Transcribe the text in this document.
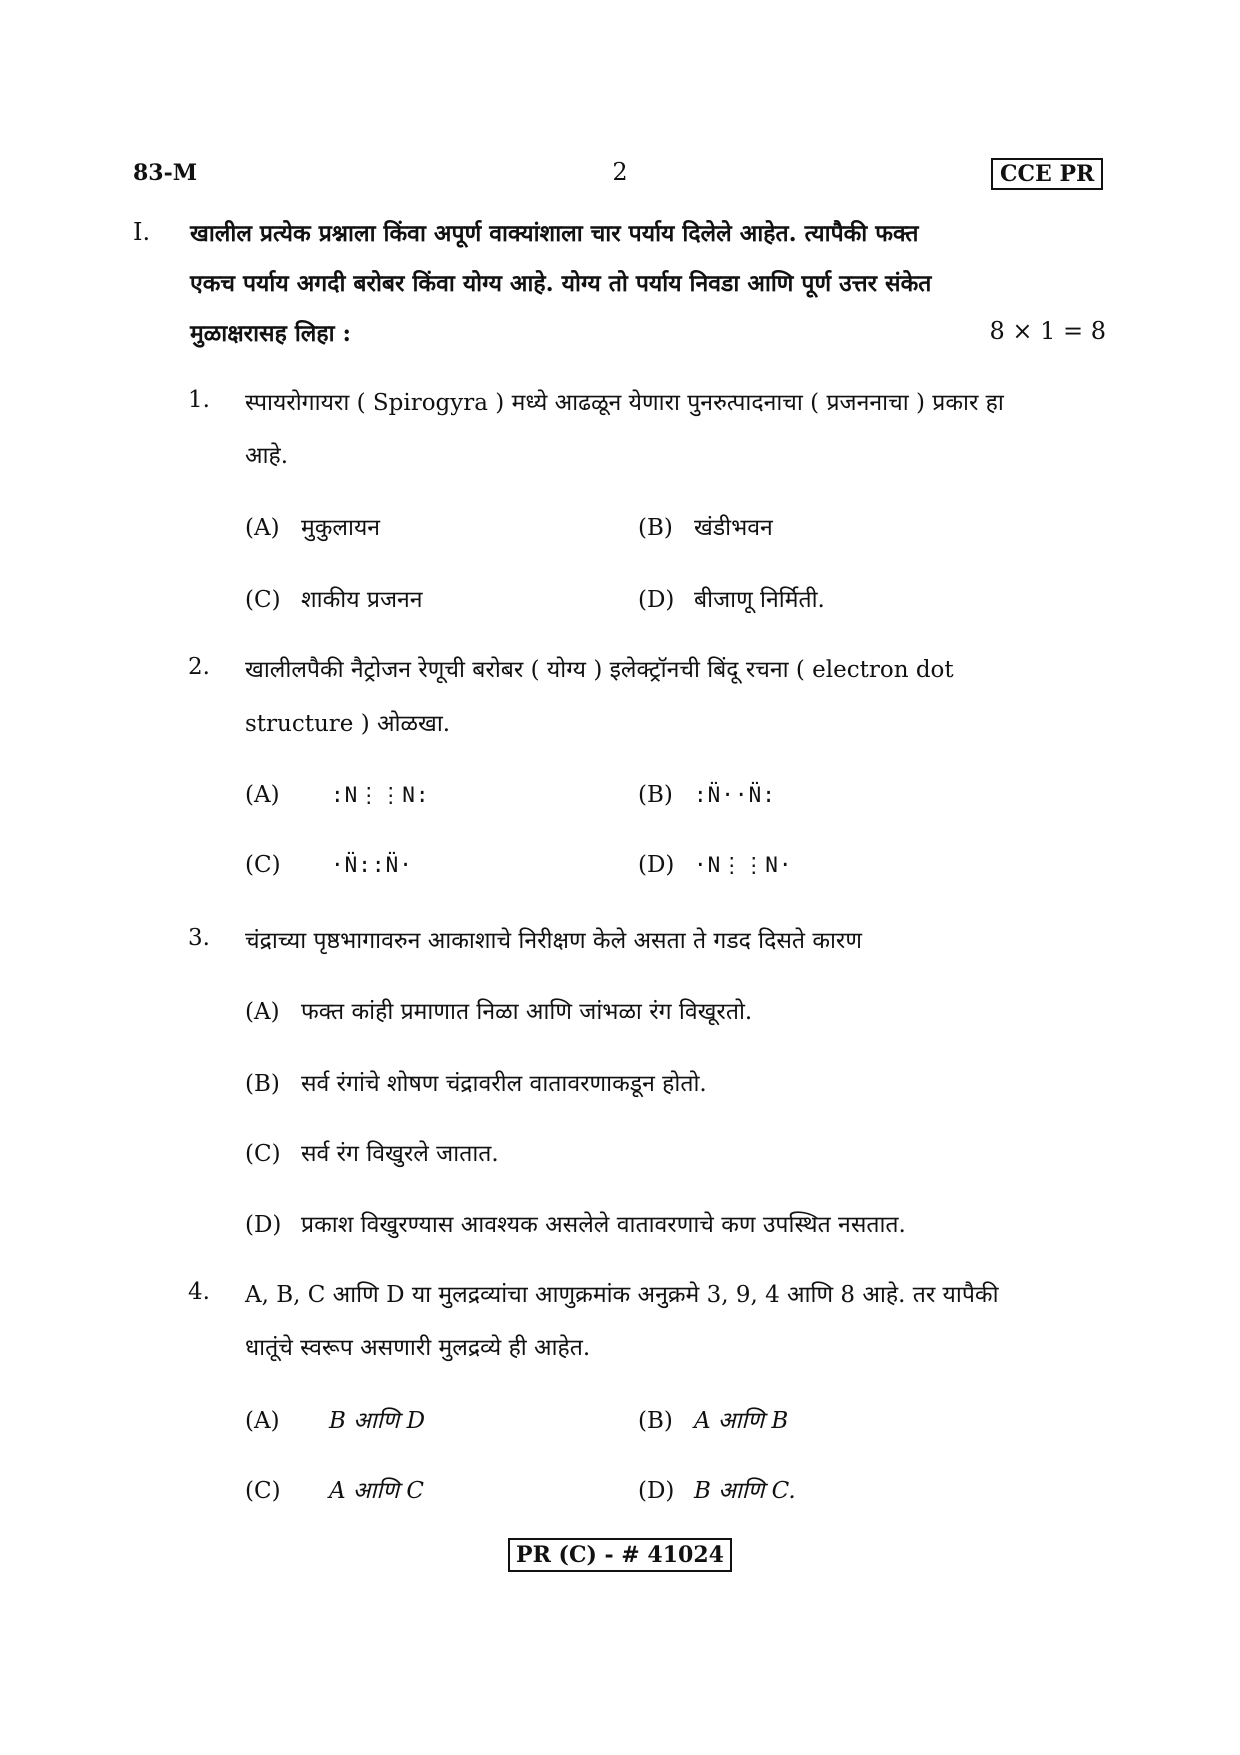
83-M	2	CCE PR
I. खालील प्रत्येक प्रश्नाला किंवा अपूर्ण वाक्यांशाला चार पर्याय दिलेले आहेत. त्यापैकी फक्त
एकच पर्याय अगदी बरोबर किंवा योग्य आहे. योग्य तो पर्याय निवडा आणि पूर्ण उत्तर संकेत
मुळाक्षरासह लिहा :	8 × 1 = 8
1. स्पायरोगायरा ( Spirogyra ) मध्ये आढळून येणारा पुनरुत्पादनाचा ( प्रजननाचा ) प्रकार हा
आहे.
(A) मुकुलायन	(B) खंडीभवन
(C) शाकीय प्रजनन	(D) बीजाणू निर्मिती.
2. खालीलपैकी नैट्रोजन रेणूची बरोबर ( योग्य ) इलेक्ट्रॉनची बिंदू रचना ( electron dot
structure ) ओळखा.
(A) :N⋮⋮N:	(B) :N̈··N̈:
(C) ·N̈::N̈·	(D) ·N⋮⋮N·
3. चंद्राच्या पृष्ठभागावरुन आकाशाचे निरीक्षण केले असता ते गडद दिसते कारण
(A) फक्त कांही प्रमाणात निळा आणि जांभळा रंग विखूरतो.
(B) सर्व रंगांचे शोषण चंद्रावरील वातावरणाकडून होतो.
(C) सर्व रंग विखुरले जातात.
(D) प्रकाश विखुरण्यास आवश्यक असलेले वातावरणाचे कण उपस्थित नसतात.
4. A, B, C आणि D या मुलद्रव्यांचा आणुक्रमांक अनुक्रमे 3, 9, 4 आणि 8 आहे. तर यापैकी
धातूंचे स्वरूप असणारी मुलद्रव्ये ही आहेत.
(A) B आणि D	(B) A आणि B
(C) A आणि C	(D) B आणि C.
PR (C) - # 41024
